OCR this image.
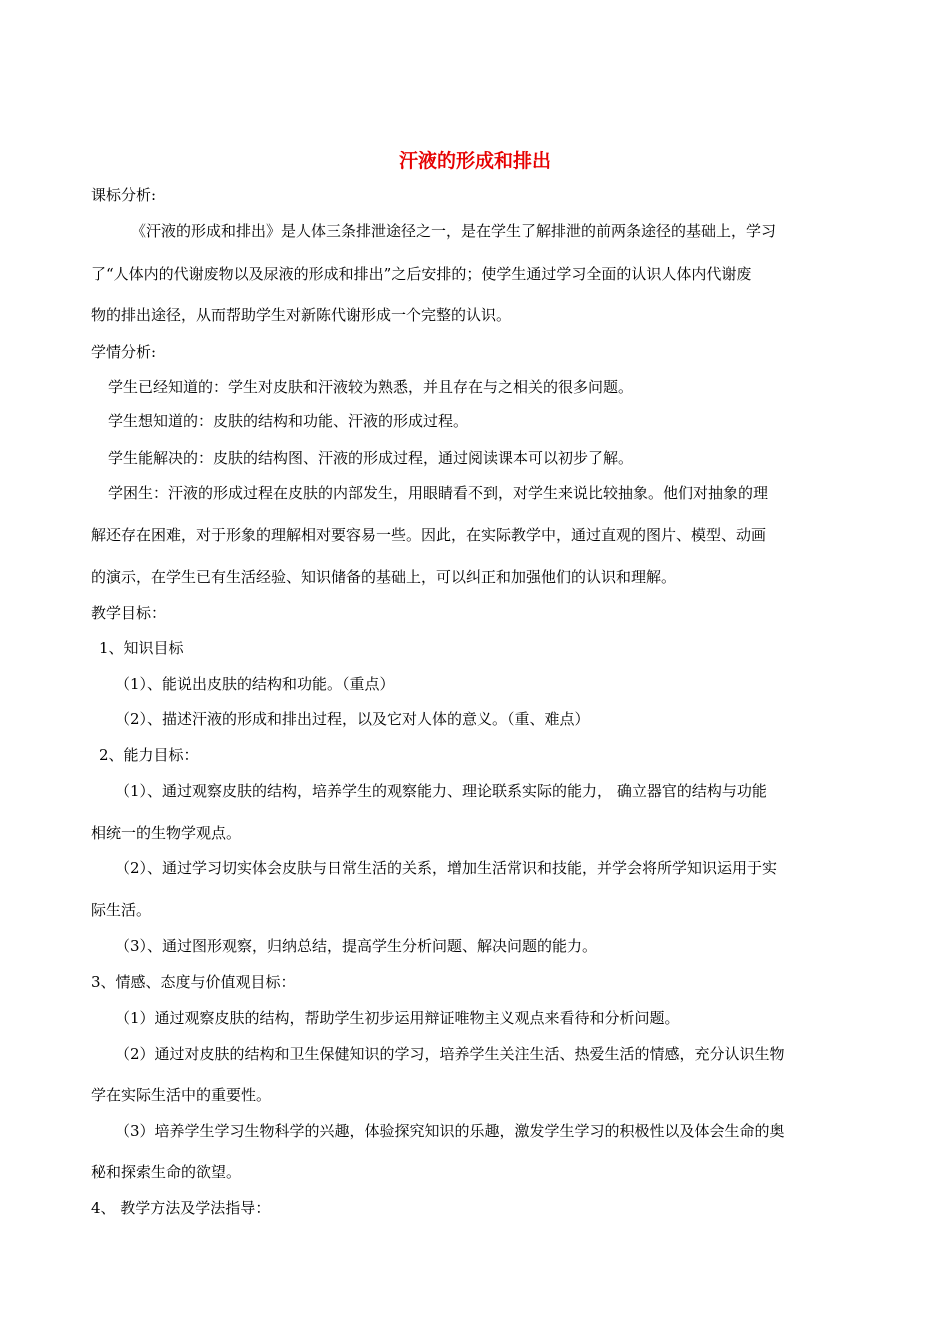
汗液的形成和排出
课标分析:
《汗液的形成和排出》是人体三条排泄途径之一，是在学生了解排泄的前两条途径的基础上，学习
了“人体内的代谢废物以及尿液的形成和排出”之后安排的；使学生通过学习全面的认识人体内代谢废
物的排出途径，从而帮助学生对新陈代谢形成一个完整的认识。
学情分析:
学生已经知道的：学生对皮肤和汗液较为熟悉，并且存在与之相关的很多问题。
学生想知道的：皮肤的结构和功能、汗液的形成过程。
学生能解决的：皮肤的结构图、汗液的形成过程，通过阅读课本可以初步了解。
学困生：汗液的形成过程在皮肤的内部发生，用眼睛看不到，对学生来说比较抽象。他们对抽象的理
解还存在困难，对于形象的理解相对要容易一些。因此，在实际教学中，通过直观的图片、模型、动画
的演示，在学生已有生活经验、知识储备的基础上，可以纠正和加强他们的认识和理解。
教学目标：
1、知识目标
（1）、能说出皮肤的结构和功能。（重点）
（2）、描述汗液的形成和排出过程，以及它对人体的意义。（重、难点）
2、能力目标：
（1）、通过观察皮肤的结构，培养学生的观察能力、理论联系实际的能力， 确立器官的结构与功能
相统一的生物学观点。
（2）、通过学习切实体会皮肤与日常生活的关系，增加生活常识和技能，并学会将所学知识运用于实
际生活。
（3）、通过图形观察，归纳总结，提高学生分析问题、解决问题的能力。
3、情感、态度与价值观目标：
（1）通过观察皮肤的结构，帮助学生初步运用辩证唯物主义观点来看待和分析问题。
（2）通过对皮肤的结构和卫生保健知识的学习，培养学生关注生活、热爱生活的情感，充分认识生物
学在实际生活中的重要性。
（3）培养学生学习生物科学的兴趣，体验探究知识的乐趣，激发学生学习的积极性以及体会生命的奥
秘和探索生命的欲望。
4、 教学方法及学法指导：
